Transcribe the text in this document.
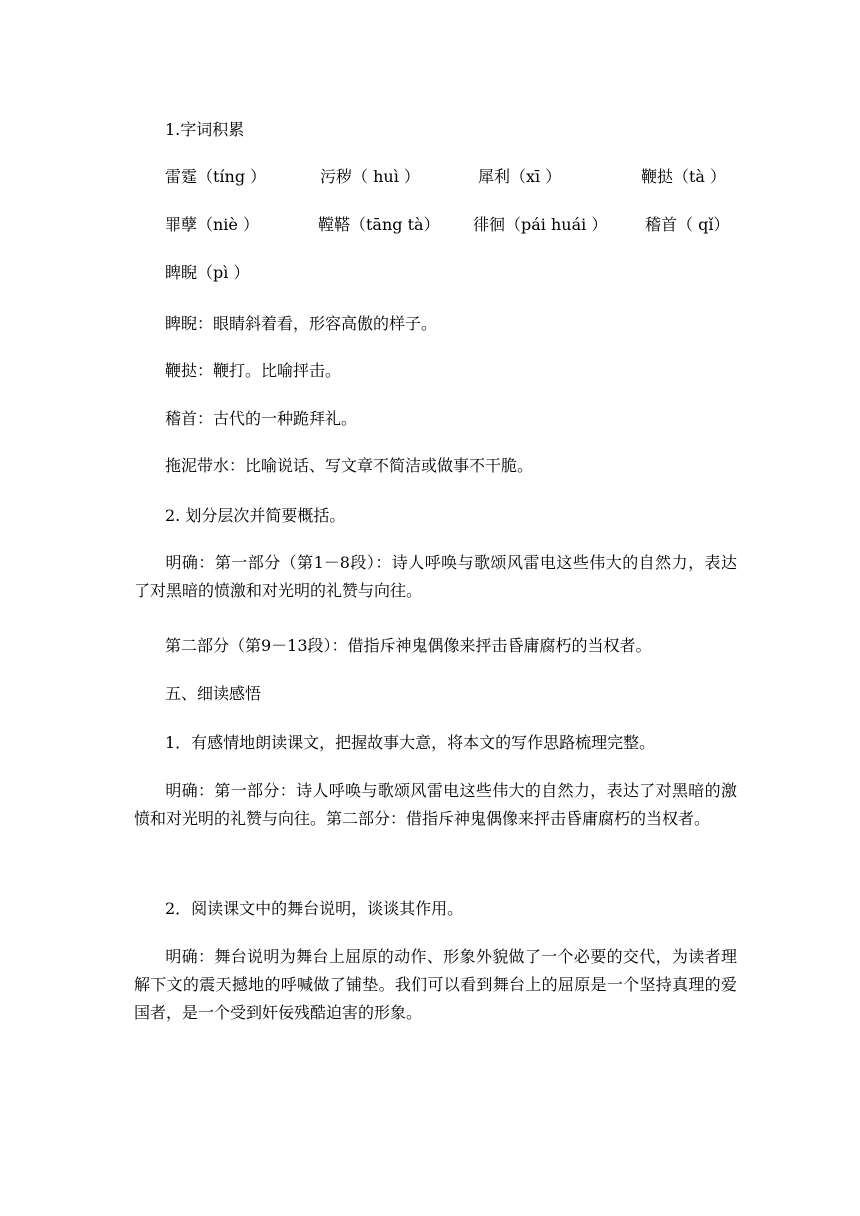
1.字词积累
雷霆（tíng ）	污秽（ huì ）	犀利（xī ）	鞭挞（tà ）
罪孽（niè ）	鞺鞳（tāng tà） 徘徊（pái huái ） 稽首（ qǐ）
睥睨（pì ）
睥睨：眼睛斜着看，形容高傲的样子。
鞭挞：鞭打。比喻抨击。
稽首：古代的一种跪拜礼。
拖泥带水：比喻说话、写文章不简洁或做事不干脆。
2. 划分层次并简要概括。
明确：第一部分（第1－8段）：诗人呼唤与歌颂风雷电这些伟大的自然力，表达了对黑暗的愤激和对光明的礼赞与向往。
第二部分（第9－13段）：借指斥神鬼偶像来抨击昏庸腐朽的当权者。
五、细读感悟
1．有感情地朗读课文，把握故事大意，将本文的写作思路梳理完整。
明确：第一部分：诗人呼唤与歌颂风雷电这些伟大的自然力，表达了对黑暗的激愤和对光明的礼赞与向往。第二部分：借指斥神鬼偶像来抨击昏庸腐朽的当权者。
2．阅读课文中的舞台说明，谈谈其作用。
明确：舞台说明为舞台上屈原的动作、形象外貌做了一个必要的交代，为读者理解下文的震天撼地的呼喊做了铺垫。我们可以看到舞台上的屈原是一个坚持真理的爱国者，是一个受到奸佞残酷迫害的形象。
